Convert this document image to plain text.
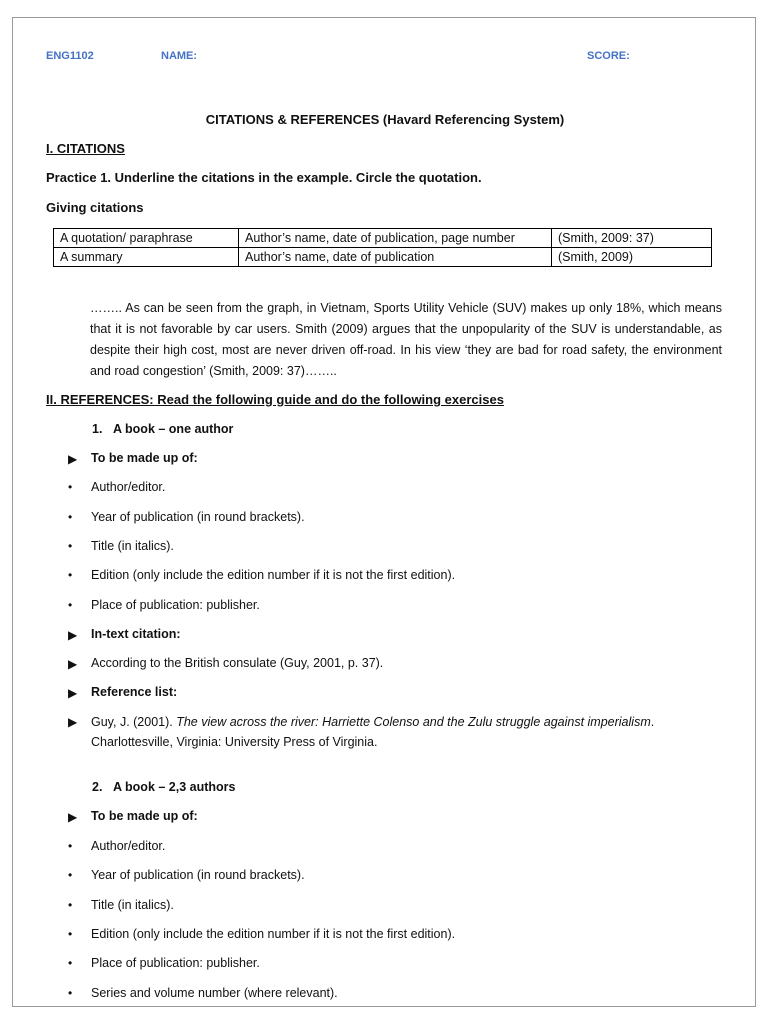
ENG1102	NAME:	SCORE:
CITATIONS & REFERENCES (Havard Referencing System)
I. CITATIONS
Practice 1. Underline the citations in the example. Circle the quotation.
Giving citations
A quotation/ paraphrase	Author’s name, date of publication, page number	(Smith, 2009: 37)
A summary	Author’s name, date of publication	(Smith, 2009)
…….. As can be seen from the graph, in Vietnam, Sports Utility Vehicle (SUV) makes up only 18%, which means that it is not favorable by car users. Smith (2009) argues that the unpopularity of the SUV is understandable, as despite their high cost, most are never driven off-road. In his view ‘they are bad for road safety, the environment and road congestion’ (Smith, 2009: 37)……..
II. REFERENCES: Read the following guide and do the following exercises
1. A book – one author
▶ To be made up of:
• Author/editor.
• Year of publication (in round brackets).
• Title (in italics).
• Edition (only include the edition number if it is not the first edition).
• Place of publication: publisher.
▶ In-text citation:
▶ According to the British consulate (Guy, 2001, p. 37).
▶ Reference list:
▶ Guy, J. (2001). The view across the river: Harriette Colenso and the Zulu struggle against imperialism. Charlottesville, Virginia: University Press of Virginia.
2. A book – 2,3 authors
▶ To be made up of:
• Author/editor.
• Year of publication (in round brackets).
• Title (in italics).
• Edition (only include the edition number if it is not the first edition).
• Place of publication: publisher.
• Series and volume number (where relevant).
